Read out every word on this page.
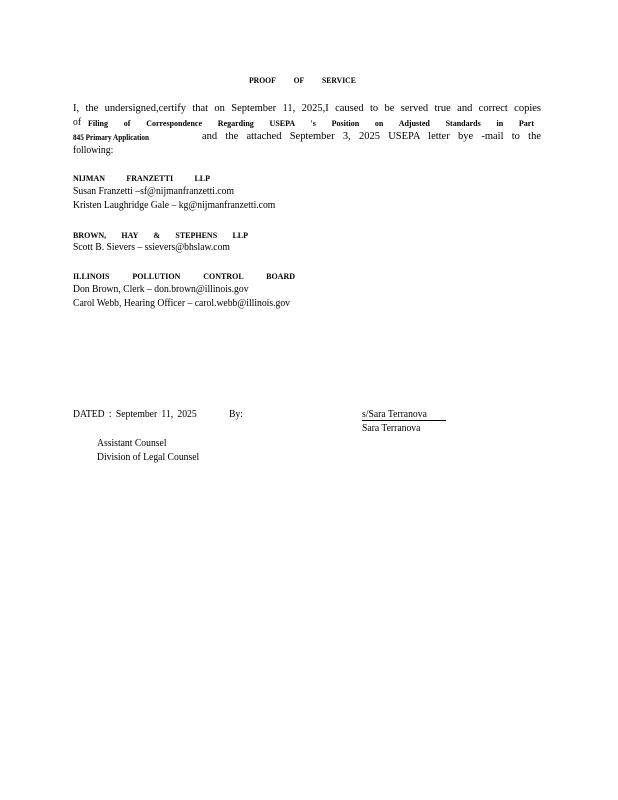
PROOF OF SERVICE
I, the undersigned,certify that on September 11, 2025,I caused to be served true and correct copies
of Filing of Correspondence Regarding USEPA 's Position on Adjusted Standards in Part
845 Primary Application	and the attached September 3, 2025 USEPA letter bye -mail to the
following:
NIJMAN FRANZETTI LLP
Susan Franzetti –sf@nijmanfranzetti.com
Kristen Laughridge Gale – kg@nijmanfranzetti.com
BROWN, HAY & STEPHENS LLP
Scott B. Sievers – ssievers@bhslaw.com
ILLINOIS POLLUTION CONTROL BOARD
Don Brown, Clerk – don.brown@illinois.gov
Carol Webb, Hearing Officer – carol.webb@illinois.gov
DATED : September 11, 2025	By:	s/Sara Terranova
Sara Terranova
Assistant Counsel
Division of Legal Counsel
